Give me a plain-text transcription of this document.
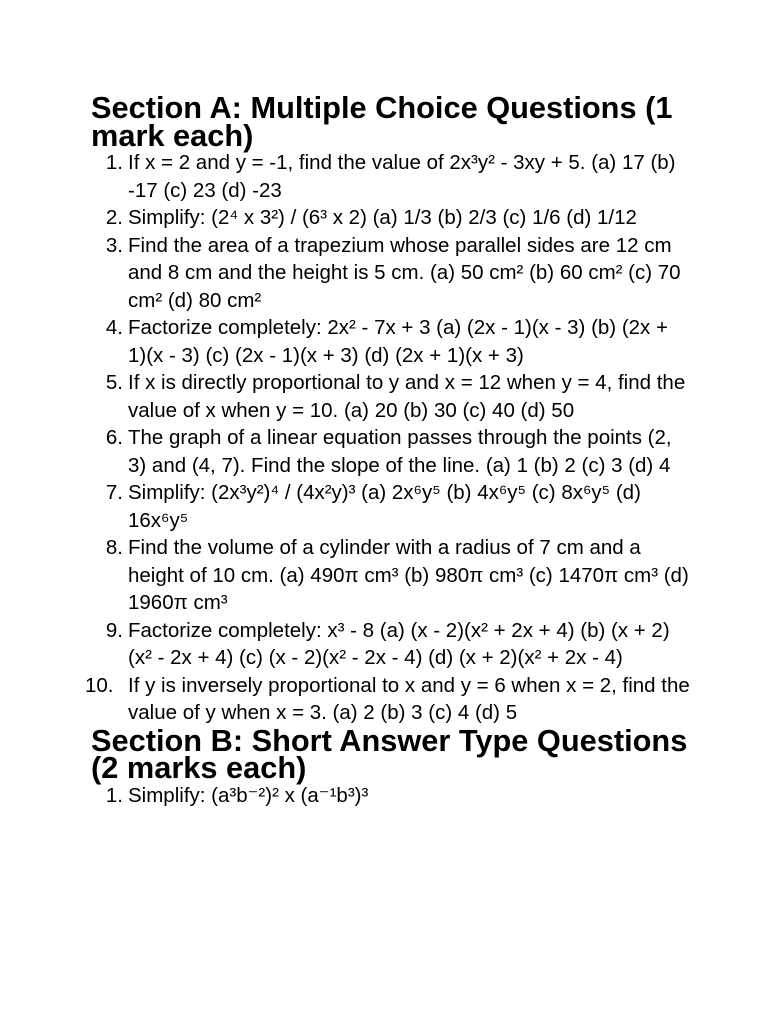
Section A: Multiple Choice Questions (1 mark each)
1. If x = 2 and y = -1, find the value of 2x³y² - 3xy + 5. (a) 17 (b) -17 (c) 23 (d) -23
2. Simplify: (2⁴ x 3²) / (6³ x 2) (a) 1/3 (b) 2/3 (c) 1/6 (d) 1/12
3. Find the area of a trapezium whose parallel sides are 12 cm and 8 cm and the height is 5 cm. (a) 50 cm² (b) 60 cm² (c) 70 cm² (d) 80 cm²
4. Factorize completely: 2x² - 7x + 3 (a) (2x - 1)(x - 3) (b) (2x + 1)(x - 3) (c) (2x - 1)(x + 3) (d) (2x + 1)(x + 3)
5. If x is directly proportional to y and x = 12 when y = 4, find the value of x when y = 10. (a) 20 (b) 30 (c) 40 (d) 50
6. The graph of a linear equation passes through the points (2, 3) and (4, 7). Find the slope of the line. (a) 1 (b) 2 (c) 3 (d) 4
7. Simplify: (2x³y²)⁴ / (4x²y)³ (a) 2x⁶y⁵ (b) 4x⁶y⁵ (c) 8x⁶y⁵ (d) 16x⁶y⁵
8. Find the volume of a cylinder with a radius of 7 cm and a height of 10 cm. (a) 490π cm³ (b) 980π cm³ (c) 1470π cm³ (d) 1960π cm³
9. Factorize completely: x³ - 8 (a) (x - 2)(x² + 2x + 4) (b) (x + 2)(x² - 2x + 4) (c) (x - 2)(x² - 2x - 4) (d) (x + 2)(x² + 2x - 4)
10. If y is inversely proportional to x and y = 6 when x = 2, find the value of y when x = 3. (a) 2 (b) 3 (c) 4 (d) 5
Section B: Short Answer Type Questions (2 marks each)
1. Simplify: (a³b⁻²)² x (a⁻¹b³)³
